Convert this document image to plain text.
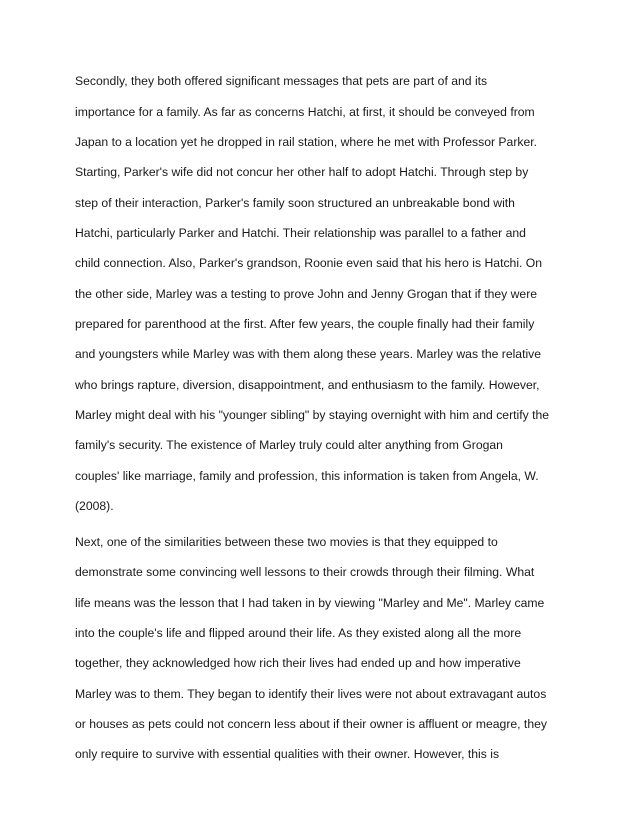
Secondly, they both offered significant messages that pets are part of and its

importance for a family. As far as concerns Hatchi, at first, it should be conveyed from

Japan to a location yet he dropped in rail station, where he met with Professor Parker.

Starting, Parker's wife did not concur her other half to adopt Hatchi. Through step by

step of their interaction, Parker's family soon structured an unbreakable bond with

Hatchi, particularly Parker and Hatchi. Their relationship was parallel to a father and

child connection. Also, Parker's grandson, Roonie even said that his hero is Hatchi. On

the other side, Marley was a testing to prove John and Jenny Grogan that if they were

prepared for parenthood at the first. After few years, the couple finally had their family

and youngsters while Marley was with them along these years. Marley was the relative

who brings rapture, diversion, disappointment, and enthusiasm to the family. However,

Marley might deal with his "younger sibling" by staying overnight with him and certify the

family's security. The existence of Marley truly could alter anything from Grogan

couples' like marriage, family and profession, this information is taken from Angela, W.

(2008).

Next, one of the similarities between these two movies is that they equipped to

demonstrate some convincing well lessons to their crowds through their filming. What

life means was the lesson that I had taken in by viewing "Marley and Me". Marley came

into the couple's life and flipped around their life. As they existed along all the more

together, they acknowledged how rich their lives had ended up and how imperative

Marley was to them. They began to identify their lives were not about extravagant autos

or houses as pets could not concern less about if their owner is affluent or meagre, they

only require to survive with essential qualities with their owner. However, this is
